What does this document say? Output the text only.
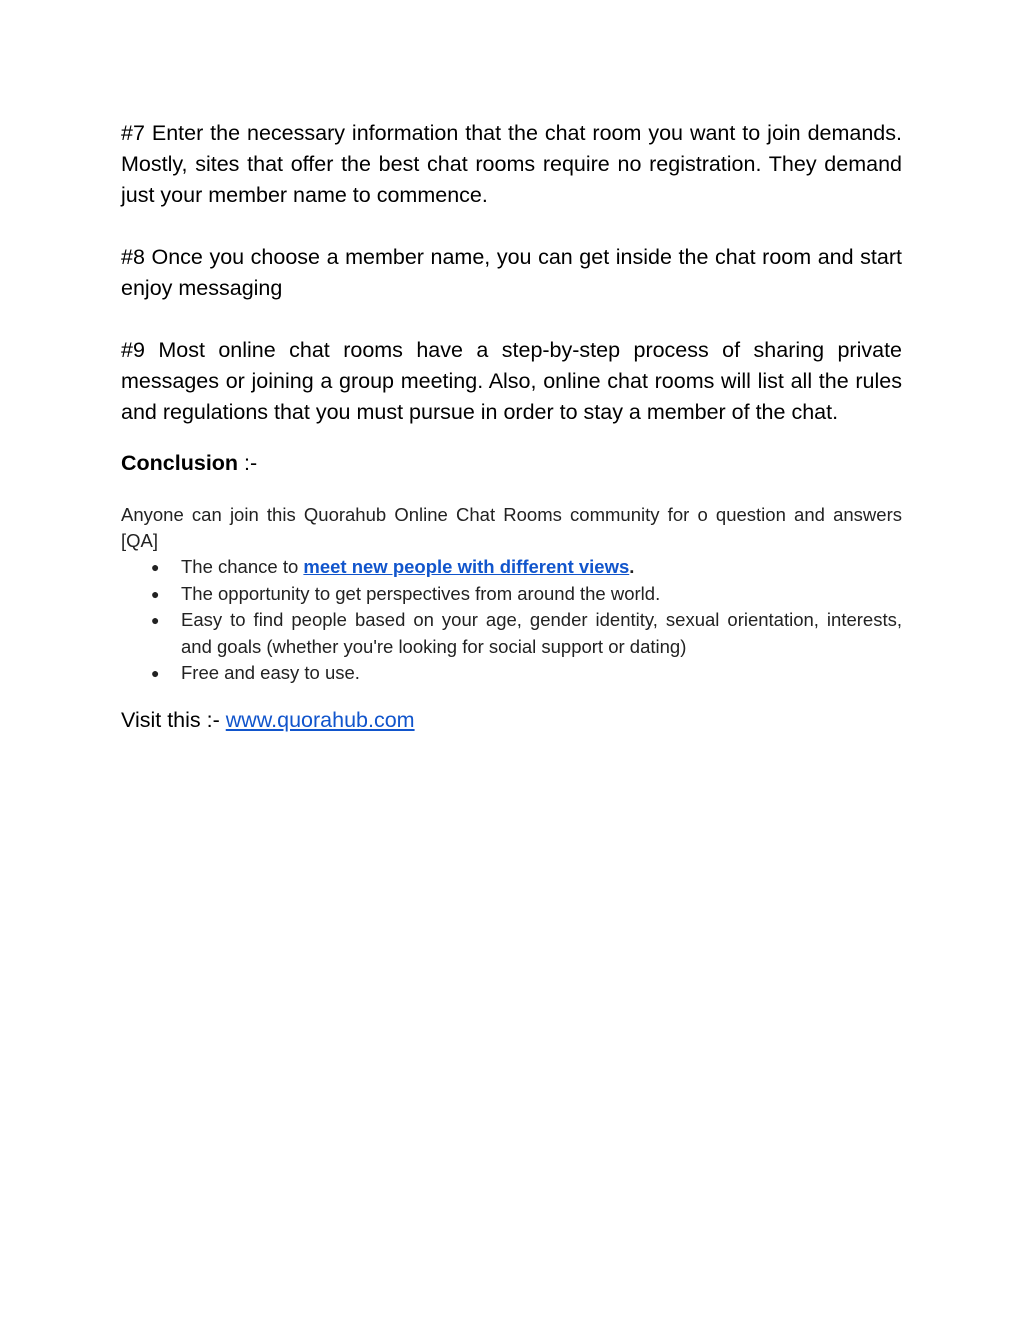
#7 Enter the necessary information that the chat room you want to join demands. Mostly, sites that offer the best chat rooms require no registration. They demand just your member name to commence.

#8 Once you choose a member name, you can get inside the chat room and start enjoy messaging

#9 Most online chat rooms have a step-by-step process of sharing private messages or joining a group meeting. Also, online chat rooms will list all the rules and regulations that you must pursue in order to stay a member of the chat.

Conclusion :-

Anyone can join this Quorahub Online Chat Rooms community for o question and answers [QA]

● The chance to meet new people with different views.
● The opportunity to get perspectives from around the world.
● Easy to find people based on your age, gender identity, sexual orientation, interests, and goals (whether you're looking for social support or dating)
● Free and easy to use.

Visit this :- www.quorahub.com
